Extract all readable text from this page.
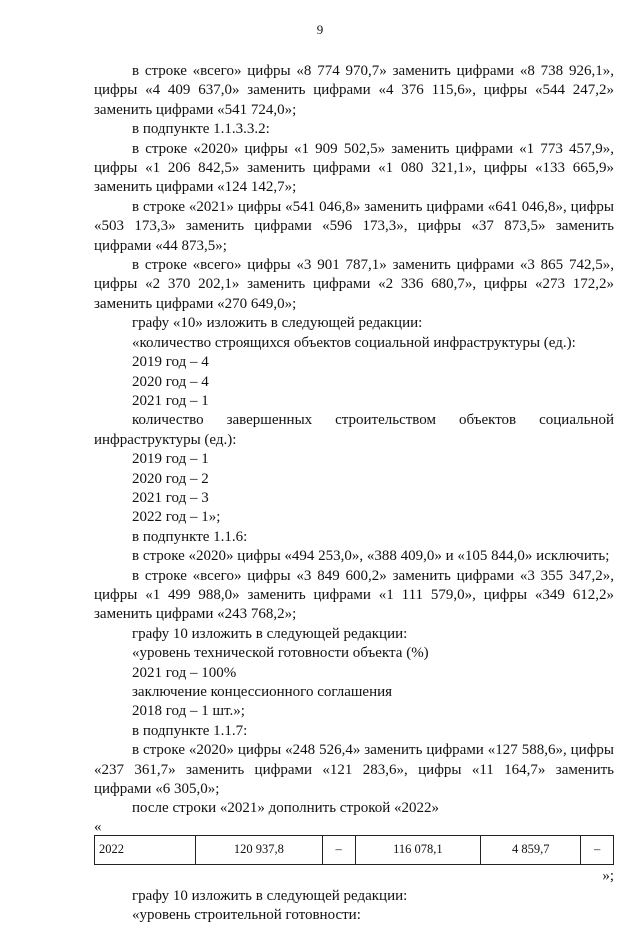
9

в строке «всего» цифры «8 774 970,7» заменить цифрами «8 738 926,1», цифры «4 409 637,0» заменить цифрами «4 376 115,6», цифры «544 247,2» заменить цифрами «541 724,0»;

в подпункте 1.1.3.3.2:

в строке «2020» цифры «1 909 502,5» заменить цифрами «1 773 457,9», цифры «1 206 842,5» заменить цифрами «1 080 321,1», цифры «133 665,9» заменить цифрами «124 142,7»;

в строке «2021» цифры «541 046,8» заменить цифрами «641 046,8», цифры «503 173,3» заменить цифрами «596 173,3», цифры «37 873,5» заменить цифрами «44 873,5»;

в строке «всего» цифры «3 901 787,1» заменить цифрами «3 865 742,5», цифры «2 370 202,1» заменить цифрами «2 336 680,7», цифры «273 172,2» заменить цифрами «270 649,0»;

графу «10» изложить в следующей редакции:

«количество строящихся объектов социальной инфраструктуры (ед.):

2019 год – 4

2020 год – 4

2021 год – 1

количество завершенных строительством объектов социальной инфраструктуры (ед.):

2019 год – 1

2020 год – 2

2021 год – 3

2022 год – 1»;

в подпункте 1.1.6:

в строке «2020» цифры «494 253,0», «388 409,0» и «105 844,0» исключить;

в строке «всего» цифры «3 849 600,2» заменить цифрами «3 355 347,2», цифры «1 499 988,0» заменить цифрами «1 111 579,0», цифры «349 612,2» заменить цифрами «243 768,2»;

графу 10 изложить в следующей редакции:

«уровень технической готовности объекта (%)

2021 год – 100%

заключение концессионного соглашения

2018 год – 1 шт.»;

в подпункте 1.1.7:

в строке «2020» цифры «248 526,4» заменить цифрами «127 588,6», цифры «237 361,7» заменить цифрами «121 283,6», цифры «11 164,7» заменить цифрами «6 305,0»;

после строки «2021» дополнить строкой «2022»

«

2022	120 937,8	–	116 078,1	4 859,7	–

»;

графу 10 изложить в следующей редакции:

«уровень строительной готовности:
